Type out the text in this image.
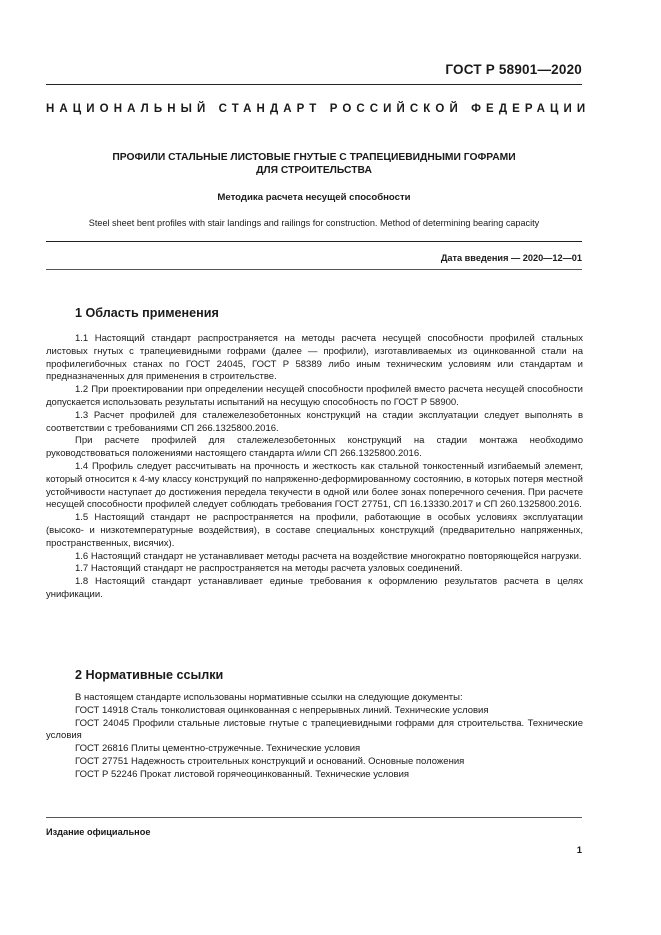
ГОСТ Р 58901—2020
НАЦИОНАЛЬНЫЙ СТАНДАРТ РОССИЙСКОЙ ФЕДЕРАЦИИ
ПРОФИЛИ СТАЛЬНЫЕ ЛИСТОВЫЕ ГНУТЫЕ С ТРАПЕЦИЕВИДНЫМИ ГОФРАМИ
ДЛЯ СТРОИТЕЛЬСТВА
Методика расчета несущей способности
Steel sheet bent profiles with stair landings and railings for construction. Method of determining bearing capacity
Дата введения — 2020—12—01
1 Область применения

1.1 Настоящий стандарт распространяется на методы расчета несущей способности профилей стальных листовых гнутых с трапециевидными гофрами (далее — профили), изготавливаемых из оцинкованной стали на профилегибочных станах по ГОСТ 24045, ГОСТ Р 58389 либо иным техническим условиям или стандартам и предназначенных для применения в строительстве.

1.2 При проектировании при определении несущей способности профилей вместо расчета несущей способности допускается использовать результаты испытаний на несущую способность по ГОСТ Р 58900.

1.3 Расчет профилей для сталежелезобетонных конструкций на стадии эксплуатации следует выполнять в соответствии с требованиями СП 266.1325800.2016.

При расчете профилей для сталежелезобетонных конструкций на стадии монтажа необходимо руководствоваться положениями настоящего стандарта и/или СП 266.1325800.2016.

1.4 Профиль следует рассчитывать на прочность и жесткость как стальной тонкостенный изгибаемый элемент, который относится к 4-му классу конструкций по напряженно-деформированному состоянию, в которых потеря местной устойчивости наступает до достижения передела текучести в одной или более зонах поперечного сечения. При расчете несущей способности профилей следует соблюдать требования ГОСТ 27751, СП 16.13330.2017 и СП 260.1325800.2016.

1.5 Настоящий стандарт не распространяется на профили, работающие в особых условиях эксплуатации (высоко- и низкотемпературные воздействия), в составе специальных конструкций (предварительно напряженных, пространственных, висячих).

1.6 Настоящий стандарт не устанавливает методы расчета на воздействие многократно повторяющейся нагрузки.

1.7 Настоящий стандарт не распространяется на методы расчета узловых соединений.

1.8 Настоящий стандарт устанавливает единые требования к оформлению результатов расчета в целях унификации.

2 Нормативные ссылки

В настоящем стандарте использованы нормативные ссылки на следующие документы:

ГОСТ 14918 Сталь тонколистовая оцинкованная с непрерывных линий. Технические условия

ГОСТ 24045 Профили стальные листовые гнутые с трапециевидными гофрами для строительства. Технические условия

ГОСТ 26816 Плиты цементно-стружечные. Технические условия

ГОСТ 27751 Надежность строительных конструкций и оснований. Основные положения

ГОСТ Р 52246 Прокат листовой горячеоцинкованный. Технические условия

Издание официальное
1
